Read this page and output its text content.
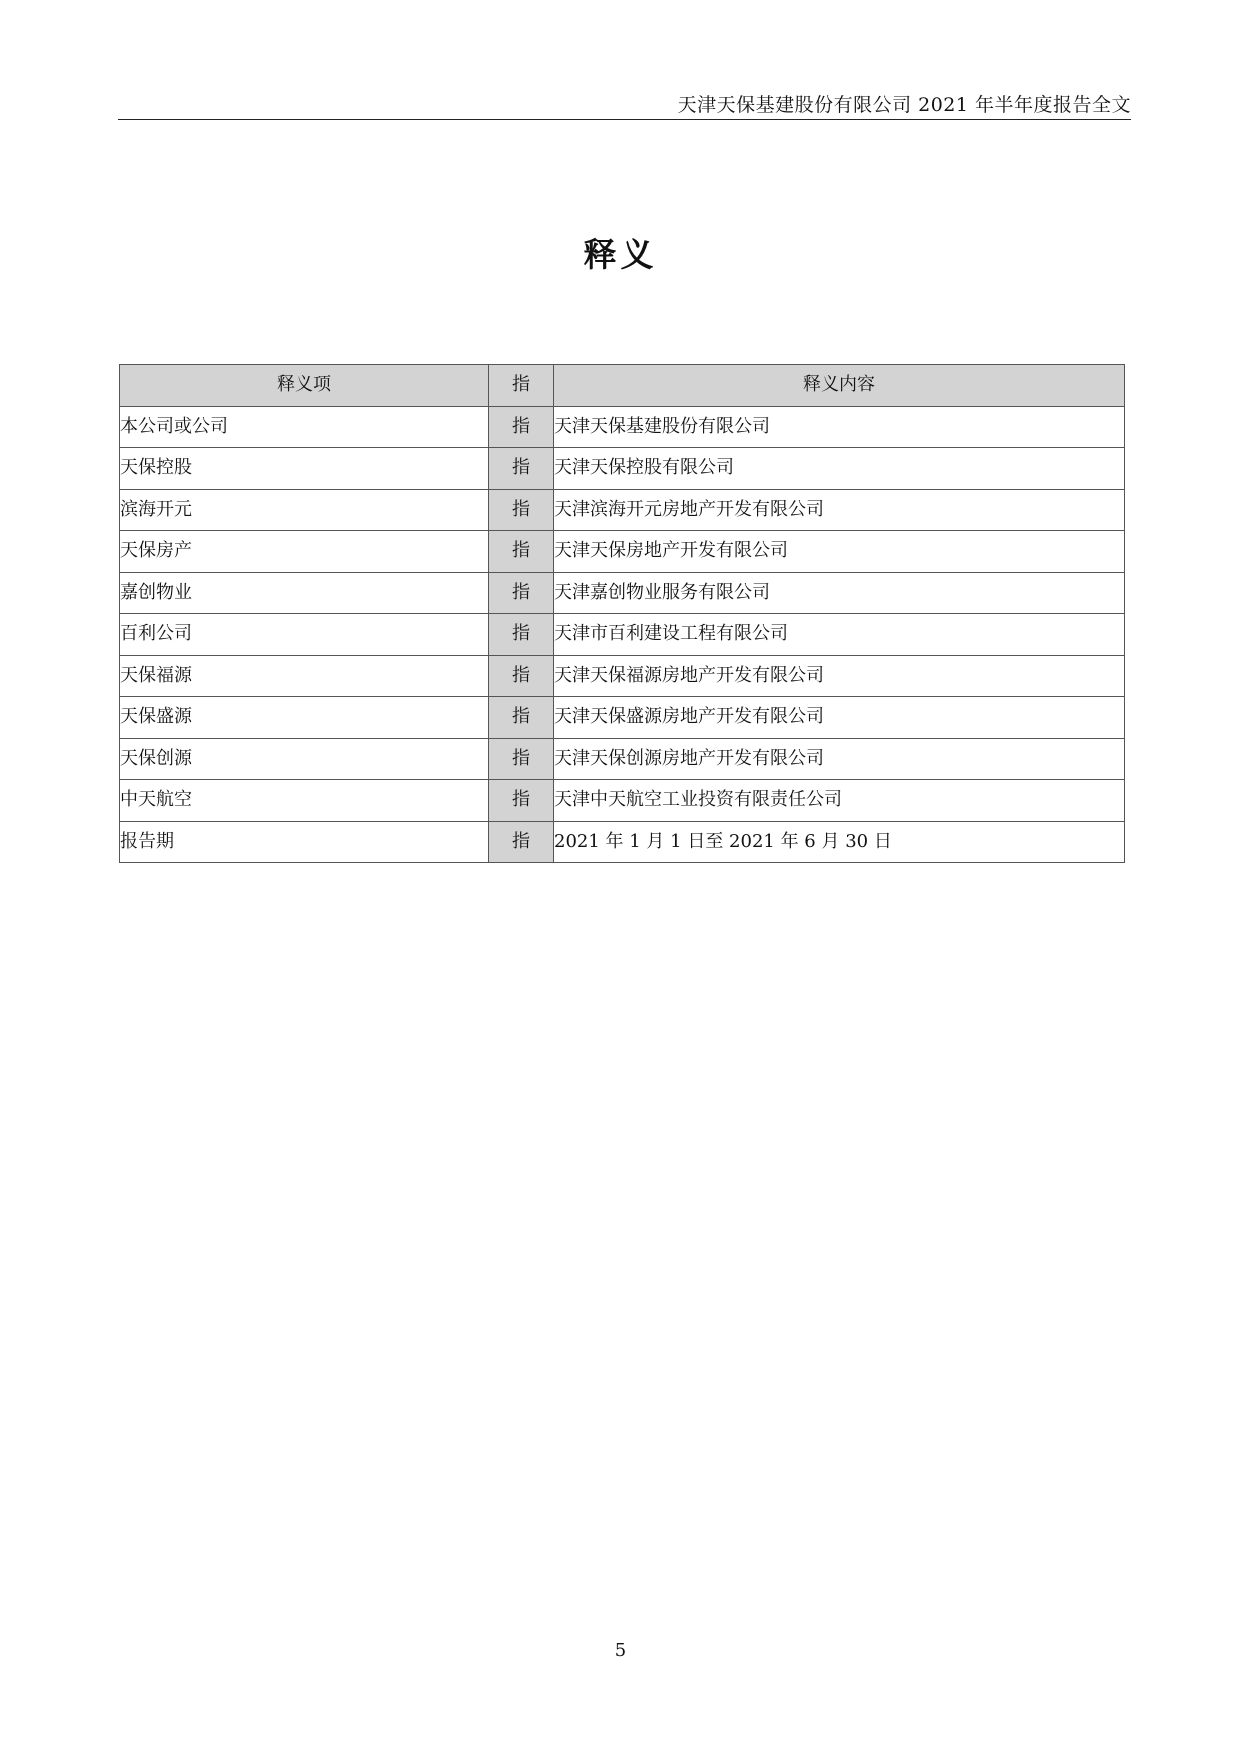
天津天保基建股份有限公司 2021 年半年度报告全文
释义
释义项	指	释义内容
本公司或公司	指	天津天保基建股份有限公司
天保控股	指	天津天保控股有限公司
滨海开元	指	天津滨海开元房地产开发有限公司
天保房产	指	天津天保房地产开发有限公司
嘉创物业	指	天津嘉创物业服务有限公司
百利公司	指	天津市百利建设工程有限公司
天保福源	指	天津天保福源房地产开发有限公司
天保盛源	指	天津天保盛源房地产开发有限公司
天保创源	指	天津天保创源房地产开发有限公司
中天航空	指	天津中天航空工业投资有限责任公司
报告期	指	2021 年 1 月 1 日至 2021 年 6 月 30 日
5
